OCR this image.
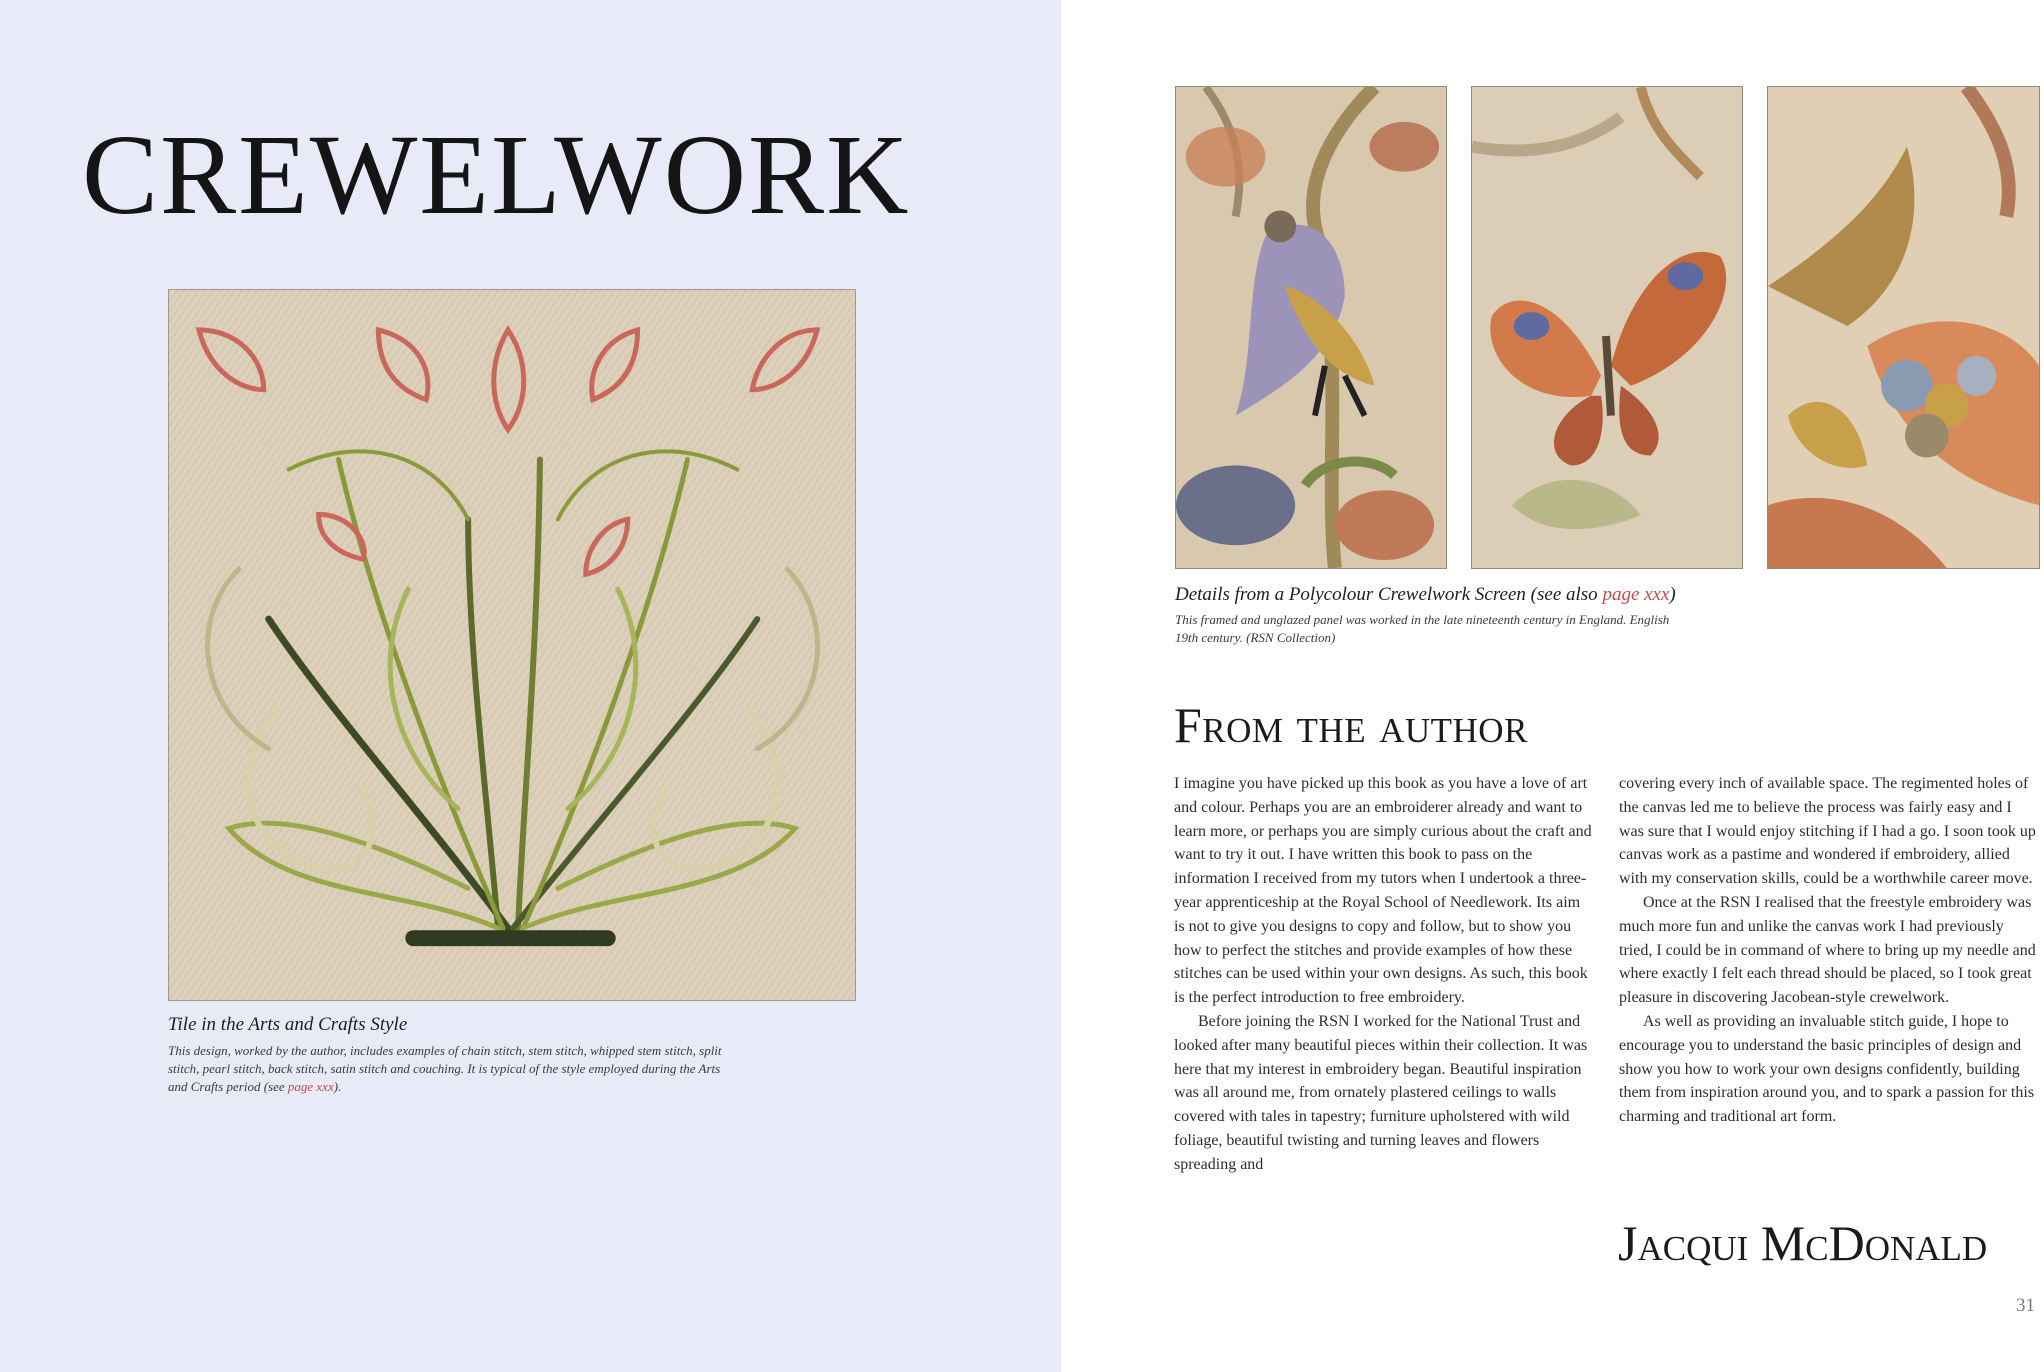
CREWELWORK
Tile in the Arts and Crafts Style
This design, worked by the author, includes examples of chain stitch, stem stitch, whipped stem stitch, split stitch, pearl stitch, back stitch, satin stitch and couching. It is typical of the style employed during the Arts and Crafts period (see page xxx).
Details from a Polycolour Crewelwork Screen (see also page xxx)
This framed and unglazed panel was worked in the late nineteenth century in England. English 19th century. (RSN Collection)
From the author

I imagine you have picked up this book as you have a love of art and colour. Perhaps you are an embroiderer already and want to learn more, or perhaps you are simply curious about the craft and want to try it out. I have written this book to pass on the information I received from my tutors when I undertook a three-year apprenticeship at the Royal School of Needlework. Its aim is not to give you designs to copy and follow, but to show you how to perfect the stitches and provide examples of how these stitches can be used within your own designs. As such, this book is the perfect introduction to free embroidery.

Before joining the RSN I worked for the National Trust and looked after many beautiful pieces within their collection. It was here that my interest in embroidery began. Beautiful inspiration was all around me, from ornately plastered ceilings to walls covered with tales in tapestry; furniture upholstered with wild foliage, beautiful twisting and turning leaves and flowers spreading and

covering every inch of available space. The regimented holes of the canvas led me to believe the process was fairly easy and I was sure that I would enjoy stitching if I had a go. I soon took up canvas work as a pastime and wondered if embroidery, allied with my conservation skills, could be a worthwhile career move.

Once at the RSN I realised that the freestyle embroidery was much more fun and unlike the canvas work I had previously tried, I could be in command of where to bring up my needle and where exactly I felt each thread should be placed, so I took great pleasure in discovering Jacobean-style crewelwork.

As well as providing an invaluable stitch guide, I hope to encourage you to understand the basic principles of design and show you how to work your own designs confidently, building them from inspiration around you, and to spark a passion for this charming and traditional art form.

Jacqui McDonald
31
